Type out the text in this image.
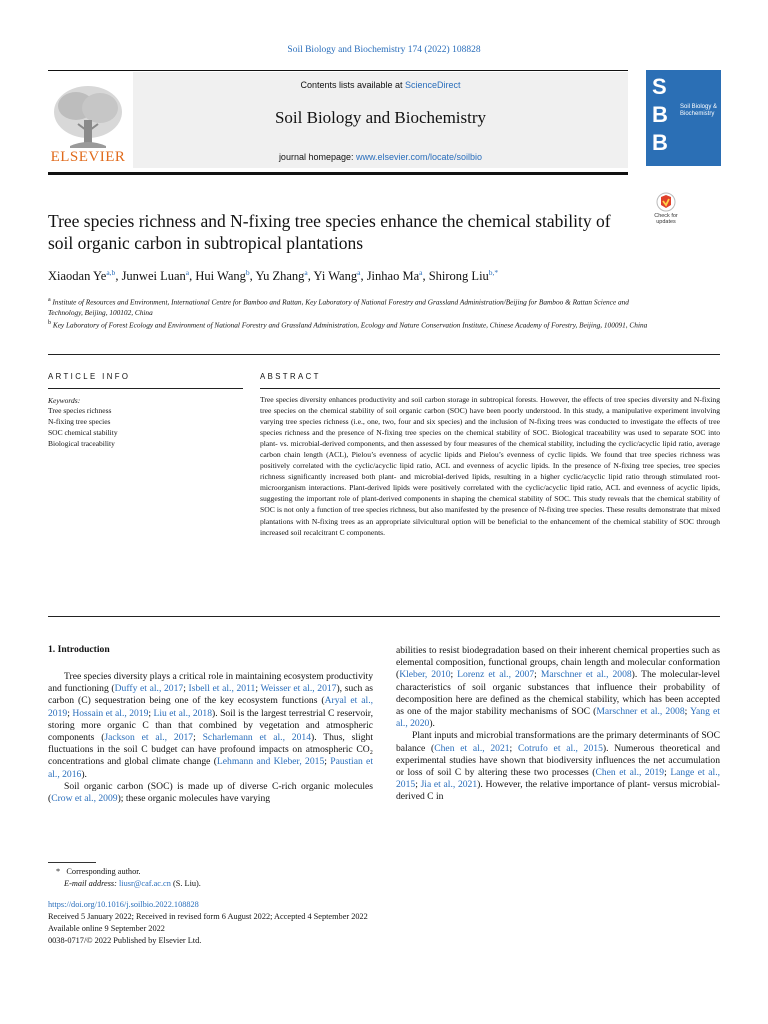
Soil Biology and Biochemistry 174 (2022) 108828
Contents lists available at ScienceDirect
Soil Biology and Biochemistry
journal homepage: www.elsevier.com/locate/soilbio
ELSEVIER
S
B
B
Soil Biology & Biochemistry
Check for updates
Tree species richness and N-fixing tree species enhance the chemical stability of soil organic carbon in subtropical plantations
Xiaodan Ye$^{a,b}$, Junwei Luan$^a$, Hui Wang$^b$, Yu Zhang$^a$, Yi Wang$^a$, Jinhao Ma$^a$, Shirong Liu$^{b,*}$
$^a$ Institute of Resources and Environment, International Centre for Bamboo and Rattan, Key Laboratory of National Forestry and Grassland Administration/Beijing for Bamboo & Rattan Science and Technology, Beijing, 100102, China
$^b$ Key Laboratory of Forest Ecology and Environment of National Forestry and Grassland Administration, Ecology and Nature Conservation Institute, Chinese Academy of Forestry, Beijing, 100091, China
ARTICLE INFO	ABSTRACT
Keywords:
Tree species richness
N-fixing tree species
SOC chemical stability
Biological traceability
Tree species diversity enhances productivity and soil carbon storage in subtropical forests. However, the effects of tree species diversity and N-fixing tree species on the chemical stability of soil organic carbon (SOC) have been poorly understood. In this study, a manipulative experiment involving varying tree species richness (i.e., one, two, four and six species) and the inclusion of N-fixing trees was conducted to investigate the effects of tree species richness and the presence of N-fixing tree species on the chemical stability of SOC. Biological traceability was used to separate SOC into plant- vs. microbial-derived components, and then assessed by four measures of the chemical stability, including the cyclic/acyclic lipid ratio, average carbon chain length (ACL), Pielou’s evenness of acyclic lipids and Pielou’s evenness of cyclic lipids. We found that tree species richness was positively correlated with the cyclic/acyclic lipid ratio, ACL and evenness of acyclic lipids. In the presence of N-fixing tree species, tree species richness significantly increased both plant- and microbial-derived lipids, resulting in a higher cyclic/acyclic lipid ratio through stimulated root-microorganism interactions. Plant-derived lipids were positively correlated with the cyclic/acyclic lipid ratio, ACL and evenness of acyclic lipids, suggesting the important role of plant-derived components in shaping the chemical stability of SOC. This study reveals that the chemical stability of SOC is not only a function of tree species richness, but also manifested by the presence of N-fixing tree species. These results demonstrate that mixed plantations with N-fixing trees as an appropriate silvicultural option will be beneficial to the enhancement of the chemical stability of SOC through increased soil recalcitrant C components.
1. Introduction

Tree species diversity plays a critical role in maintaining ecosystem productivity and functioning (Duffy et al., 2017; Isbell et al., 2011; Weisser et al., 2017), such as carbon (C) sequestration being one of the key ecosystem functions (Aryal et al., 2019; Hossain et al., 2019; Liu et al., 2018). Soil is the largest terrestrial C reservoir, storing more organic C than that combined by vegetation and atmospheric components (Jackson et al., 2017; Scharlemann et al., 2014). Thus, slight fluctuations in the soil C budget can have profound impacts on atmospheric CO₂ concentrations and global climate change (Lehmann and Kleber, 2015; Paustian et al., 2016).

Soil organic carbon (SOC) is made up of diverse C-rich organic molecules (Crow et al., 2009); these organic molecules have varying

abilities to resist biodegradation based on their inherent chemical properties such as elemental composition, functional groups, chain length and molecular conformation (Kleber, 2010; Lorenz et al., 2007; Marschner et al., 2008). The molecular-level characteristics of soil organic substances that influence their probability of decomposition here are defined as the chemical stability, which has been accepted as one of the major stability mechanisms of SOC (Marschner et al., 2008; Yang et al., 2020).

Plant inputs and microbial transformations are the primary determinants of SOC balance (Chen et al., 2021; Cotrufo et al., 2015). Numerous theoretical and experimental studies have shown that biodiversity influences the net accumulation or loss of soil C by altering these two processes (Chen et al., 2019; Lange et al., 2015; Jia et al., 2021). However, the relative importance of plant- versus microbial-derived C in

* Corresponding author.
E-mail address: liusr@caf.ac.cn (S. Liu).
https://doi.org/10.1016/j.soilbio.2022.108828
Received 5 January 2022; Received in revised form 6 August 2022; Accepted 4 September 2022
Available online 9 September 2022
0038-0717/© 2022 Published by Elsevier Ltd.
